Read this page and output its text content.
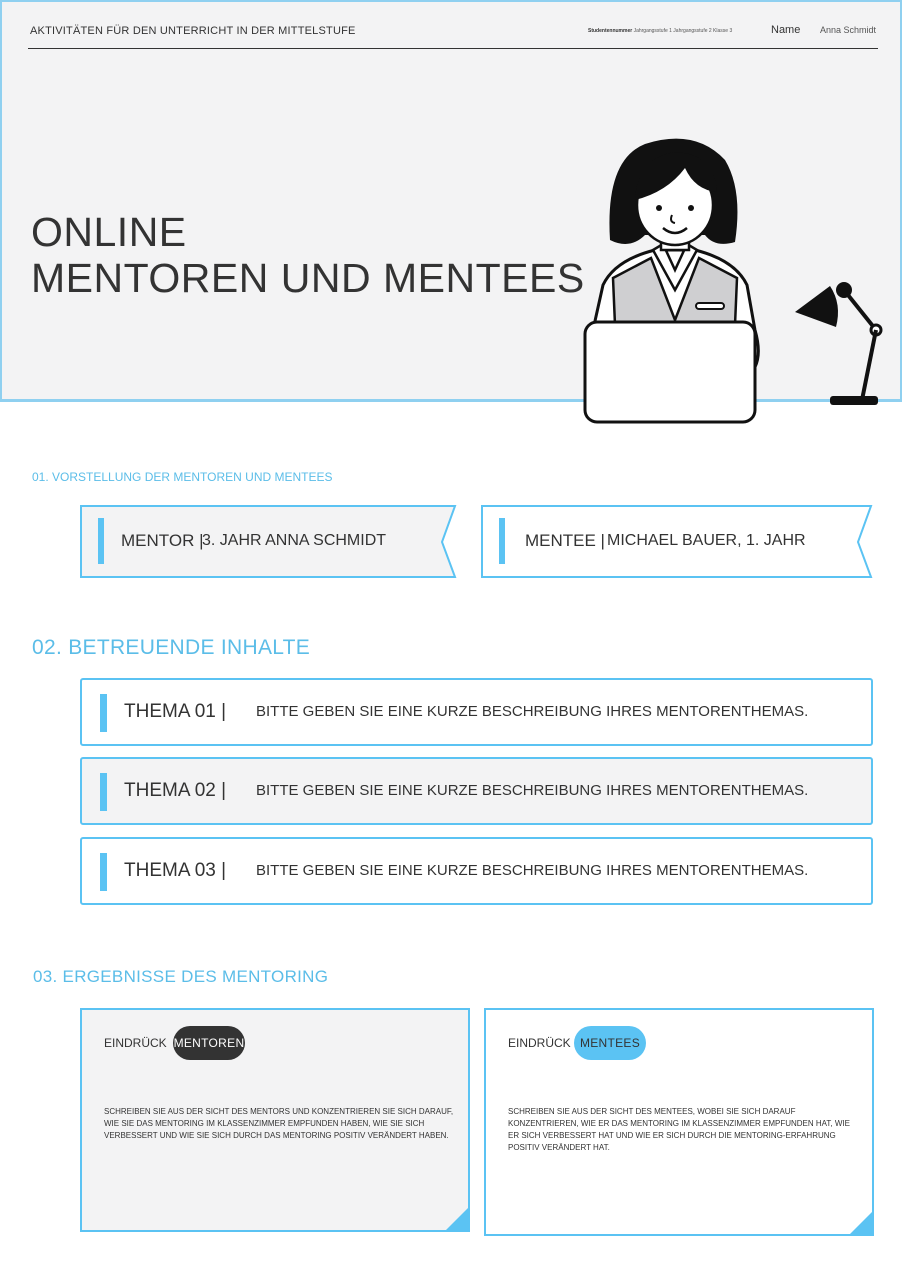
AKTIVITÄTEN FÜR DEN UNTERRICHT IN DER MITTELSTUFE	Studentennummer Jahrgangsstufe 1 Jahrgangsstufe 2 Klasse 3	Name Anna Schmidt
ONLINE
MENTOREN UND MENTEES
01. VORSTELLUNG DER MENTOREN UND MENTEES
MENTOR |
3. JAHR ANNA SCHMIDT	MENTEE | MICHAEL BAUER, 1. JAHR
02. BETREUENDE INHALTE
THEMA 01 | BITTE GEBEN SIE EINE KURZE BESCHREIBUNG IHRES MENTORENTHEMAS.
THEMA 02 | BITTE GEBEN SIE EINE KURZE BESCHREIBUNG IHRES MENTORENTHEMAS.
THEMA 03 | BITTE GEBEN SIE EINE KURZE BESCHREIBUNG IHRES MENTORENTHEMAS.
03. ERGEBNISSE DES MENTORING
EINDRÜCK MENTOREN
SCHREIBEN SIE AUS DER SICHT DES MENTORS UND KONZENTRIEREN SIE SICH DARAUF, WIE SIE DAS MENTORING IM KLASSENZIMMER EMPFUNDEN HABEN, WIE SIE SICH VERBESSERT UND WIE SIE SICH DURCH DAS MENTORING POSITIV VERÄNDERT HABEN.
EINDRÜCK MENTEES
SCHREIBEN SIE AUS DER SICHT DES MENTEES, WOBEI SIE SICH DARAUF KONZENTRIEREN, WIE ER DAS MENTORING IM KLASSENZIMMER EMPFUNDEN HAT, WIE ER SICH VERBESSERT HAT UND WIE ER SICH DURCH DIE MENTORING-ERFAHRUNG POSITIV VERÄNDERT HAT.
